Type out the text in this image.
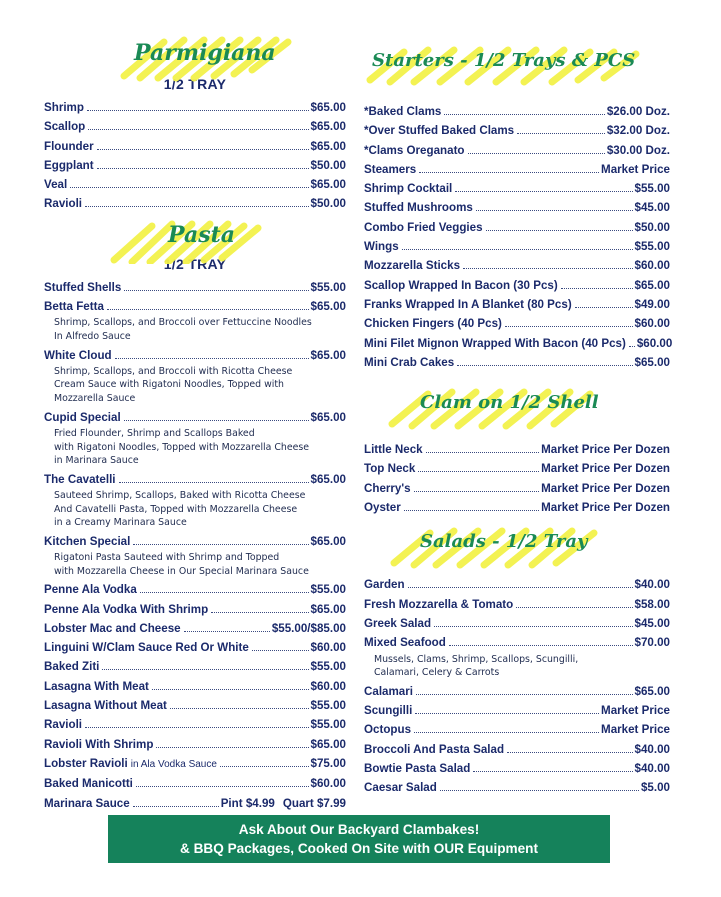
Parmigiana
1/2 TRAY
Shrimp	$65.00
Scallop	$65.00
Flounder	$65.00
Eggplant	$50.00
Veal	$65.00
Ravioli	$50.00
Pasta
1/2 TRAY
Stuffed Shells	$55.00
Betta Fetta	$65.00
Shrimp, Scallops, and Broccoli over Fettuccine Noodles
In Alfredo Sauce
White Cloud	$65.00
Shrimp, Scallops, and Broccoli with Ricotta Cheese
Cream Sauce with Rigatoni Noodles, Topped with
Mozzarella Sauce
Cupid Special	$65.00
Fried Flounder, Shrimp and Scallops Baked
with Rigatoni Noodles, Topped with Mozzarella Cheese
in Marinara Sauce
The Cavatelli	$65.00
Sauteed Shrimp, Scallops, Baked with Ricotta Cheese
And Cavatelli Pasta, Topped with Mozzarella Cheese
in a Creamy Marinara Sauce
Kitchen Special	$65.00
Rigatoni Pasta Sauteed with Shrimp and Topped
with Mozzarella Cheese in Our Special Marinara Sauce
Penne Ala Vodka	$55.00
Penne Ala Vodka With Shrimp	$65.00
Lobster Mac and Cheese	$55.00/$85.00
Linguini W/Clam Sauce Red Or White	$60.00
Baked Ziti	$55.00
Lasagna With Meat	$60.00
Lasagna Without Meat	$55.00
Ravioli	$55.00
Ravioli With Shrimp	$65.00
Lobster Ravioli in Ala Vodka Sauce	$75.00
Baked Manicotti	$60.00
Marinara Sauce	Pint $4.99 Quart $7.99
Starters - 1/2 Trays & PCS
*Baked Clams	$26.00 Doz.
*Over Stuffed Baked Clams	$32.00 Doz.
*Clams Oreganato	$30.00 Doz.
Steamers	Market Price
Shrimp Cocktail	$55.00
Stuffed Mushrooms	$45.00
Combo Fried Veggies	$50.00
Wings	$55.00
Mozzarella Sticks	$60.00
Scallop Wrapped In Bacon (30 Pcs)	$65.00
Franks Wrapped In A Blanket (80 Pcs)	$49.00
Chicken Fingers (40 Pcs)	$60.00
Mini Filet Mignon Wrapped With Bacon (40 Pcs) $60.00
Mini Crab Cakes	$65.00
Clam on 1/2 Shell
Little Neck	Market Price Per Dozen
Top Neck	Market Price Per Dozen
Cherry's	Market Price Per Dozen
Oyster	Market Price Per Dozen
Salads - 1/2 Tray
Garden	$40.00
Fresh Mozzarella & Tomato	$58.00
Greek Salad	$45.00
Mixed Seafood	$70.00
Mussels, Clams, Shrimp, Scallops, Scungilli,
Calamari, Celery & Carrots
Calamari	$65.00
Scungilli	Market Price
Octopus	Market Price
Broccoli And Pasta Salad	$40.00
Bowtie Pasta Salad	$40.00
Caesar Salad	$5.00
Ask About Our Backyard Clambakes!
& BBQ Packages, Cooked On Site with OUR Equipment
